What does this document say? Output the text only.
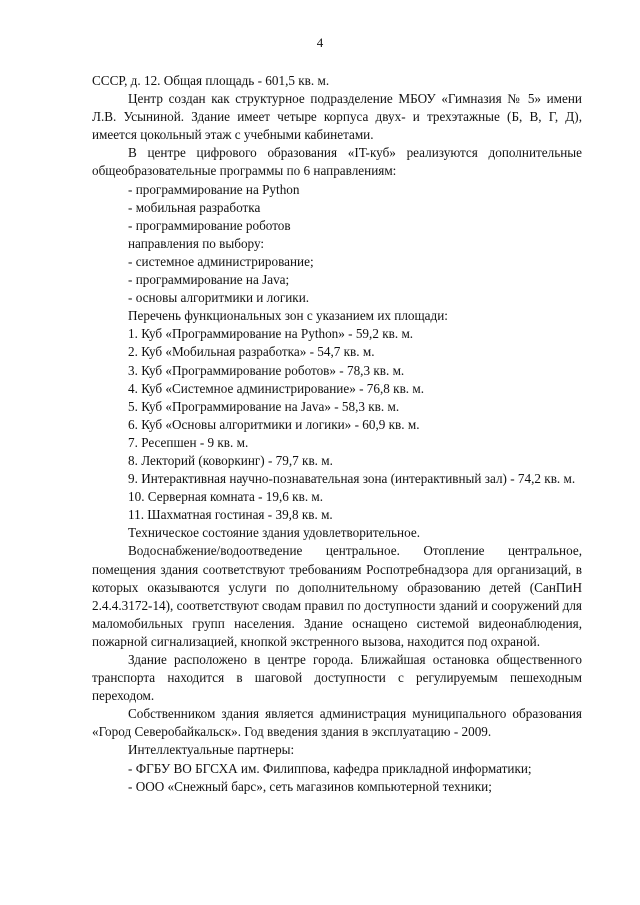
4

СССР, д. 12. Общая площадь - 601,5 кв. м.

Центр создан как структурное подразделение МБОУ «Гимназия № 5» имени Л.В. Усыниной. Здание имеет четыре корпуса двух- и трехэтажные (Б, В, Г, Д), имеется цокольный этаж с учебными кабинетами.

В центре цифрового образования «IT-куб» реализуются дополнительные общеобразовательные программы по 6 направлениям:

- программирование на Python

- мобильная разработка

- программирование роботов

направления по выбору:

- системное администрирование;

- программирование на Java;

- основы алгоритмики и логики.

Перечень функциональных зон с указанием их площади:

1. Куб «Программирование на Python» - 59,2 кв. м.

2. Куб «Мобильная разработка» - 54,7 кв. м.

3. Куб «Программирование роботов» - 78,3 кв. м.

4. Куб «Системное администрирование» - 76,8 кв. м.

5. Куб «Программирование на Java» - 58,3 кв. м.

6. Куб «Основы алгоритмики и логики» - 60,9 кв. м.

7. Ресепшен - 9 кв. м.

8. Лекторий (коворкинг) - 79,7 кв. м.

9. Интерактивная научно-познавательная зона (интерактивный зал) - 74,2 кв. м.

10. Серверная комната - 19,6 кв. м.

11. Шахматная гостиная - 39,8 кв. м.

Техническое состояние здания удовлетворительное.

Водоснабжение/водоотведение центральное. Отопление центральное, помещения здания соответствуют требованиям Роспотребнадзора для организаций, в которых оказываются услуги по дополнительному образованию детей (СанПиН 2.4.4.3172-14), соответствуют сводам правил по доступности зданий и сооружений для маломобильных групп населения. Здание оснащено системой видеонаблюдения, пожарной сигнализацией, кнопкой экстренного вызова, находится под охраной.

Здание расположено в центре города. Ближайшая остановка общественного транспорта находится в шаговой доступности с регулируемым пешеходным переходом.

Собственником здания является администрация муниципального образования «Город Северобайкальск». Год введения здания в эксплуатацию - 2009.

Интеллектуальные партнеры:

- ФГБУ ВО БГСХА им. Филиппова, кафедра прикладной информатики;

- ООО «Снежный барс», сеть магазинов компьютерной техники;
